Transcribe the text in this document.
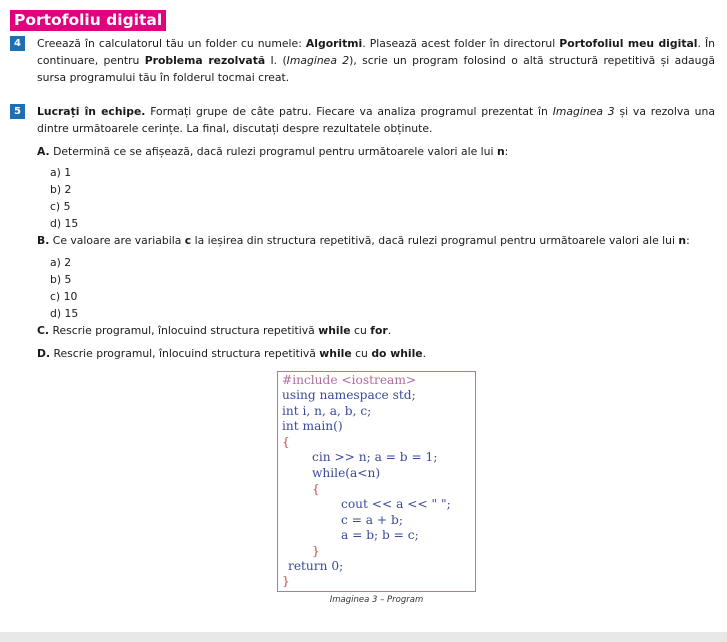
Portofoliu digital
4	Creează în calculatorul tău un folder cu numele: Algoritmi. Plasează acest folder în directorul Portofoliul meu digital. În continuare, pentru Problema rezolvată I. (Imaginea 2), scrie un program folosind o altă structură repetitivă și adaugă sursa programului tău în folderul tocmai creat.
5	Lucrați în echipe. Formați grupe de câte patru. Fiecare va analiza programul prezentat în Imaginea 3 și va rezolva una dintre următoarele cerințe. La final, discutați despre rezultatele obținute.
A. Determină ce se afișează, dacă rulezi programul pentru următoarele valori ale lui n:
a) 1
b) 2
c) 5
d) 15
B. Ce valoare are variabila c la ieșirea din structura repetitivă, dacă rulezi programul pentru următoarele valori ale lui n:
a) 2
b) 5
c) 10
d) 15
C. Rescrie programul, înlocuind structura repetitivă while cu for.
D. Rescrie programul, înlocuind structura repetitivă while cu do while.
#include <iostream>
using namespace std;
int i, n, a, b, c;
int main()
{
cin >> n; a = b = 1;
while(a<n)
{
cout << a << " ";
c = a + b;
a = b; b = c;
}
return 0;
}
Imaginea 3 – Program
